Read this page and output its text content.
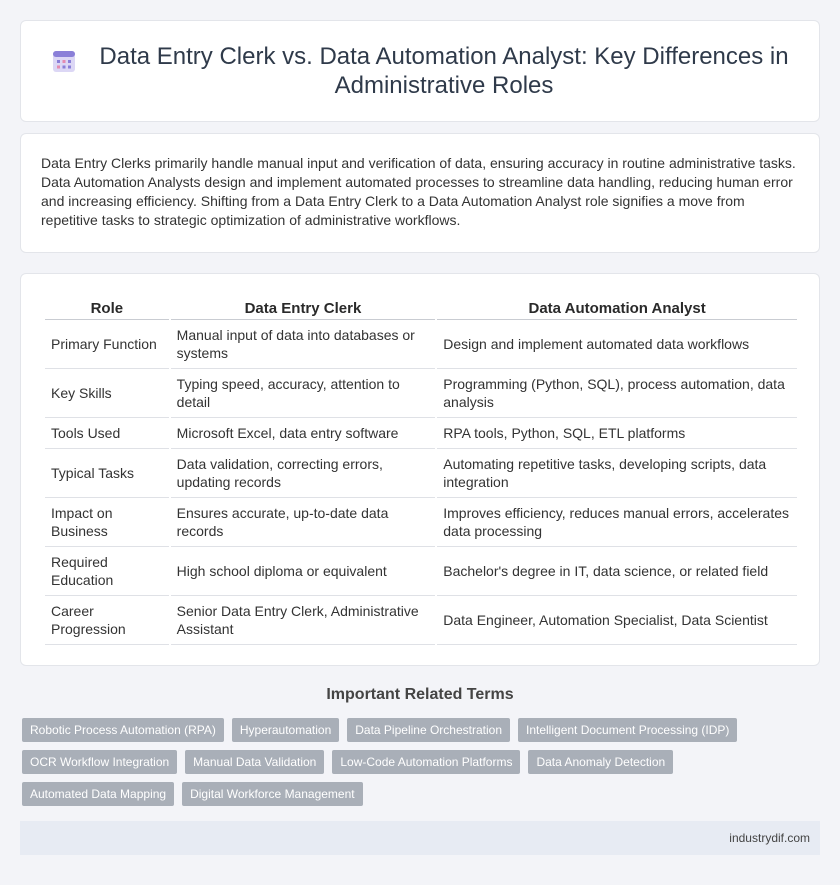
Data Entry Clerk vs. Data Automation Analyst: Key Differences in Administrative Roles

Data Entry Clerks primarily handle manual input and verification of data, ensuring accuracy in routine administrative tasks. Data Automation Analysts design and implement automated processes to streamline data handling, reducing human error and increasing efficiency. Shifting from a Data Entry Clerk to a Data Automation Analyst role signifies a move from repetitive tasks to strategic optimization of administrative workflows.

Role	Data Entry Clerk	Data Automation Analyst
Primary Function	Manual input of data into databases or systems	Design and implement automated data workflows
Key Skills	Typing speed, accuracy, attention to detail	Programming (Python, SQL), process automation, data analysis
Tools Used	Microsoft Excel, data entry software	RPA tools, Python, SQL, ETL platforms
Typical Tasks	Data validation, correcting errors, updating records	Automating repetitive tasks, developing scripts, data integration
Impact on Business	Ensures accurate, up-to-date data records	Improves efficiency, reduces manual errors, accelerates data processing
Required Education	High school diploma or equivalent	Bachelor's degree in IT, data science, or related field
Career Progression	Senior Data Entry Clerk, Administrative Assistant	Data Engineer, Automation Specialist, Data Scientist
Important Related Terms
Robotic Process Automation (RPA)	Hyperautomation	Data Pipeline Orchestration	Intelligent Document Processing (IDP)
OCR Workflow Integration	Manual Data Validation	Low-Code Automation Platforms	Data Anomaly Detection
Automated Data Mapping	Digital Workforce Management
industrydif.com
